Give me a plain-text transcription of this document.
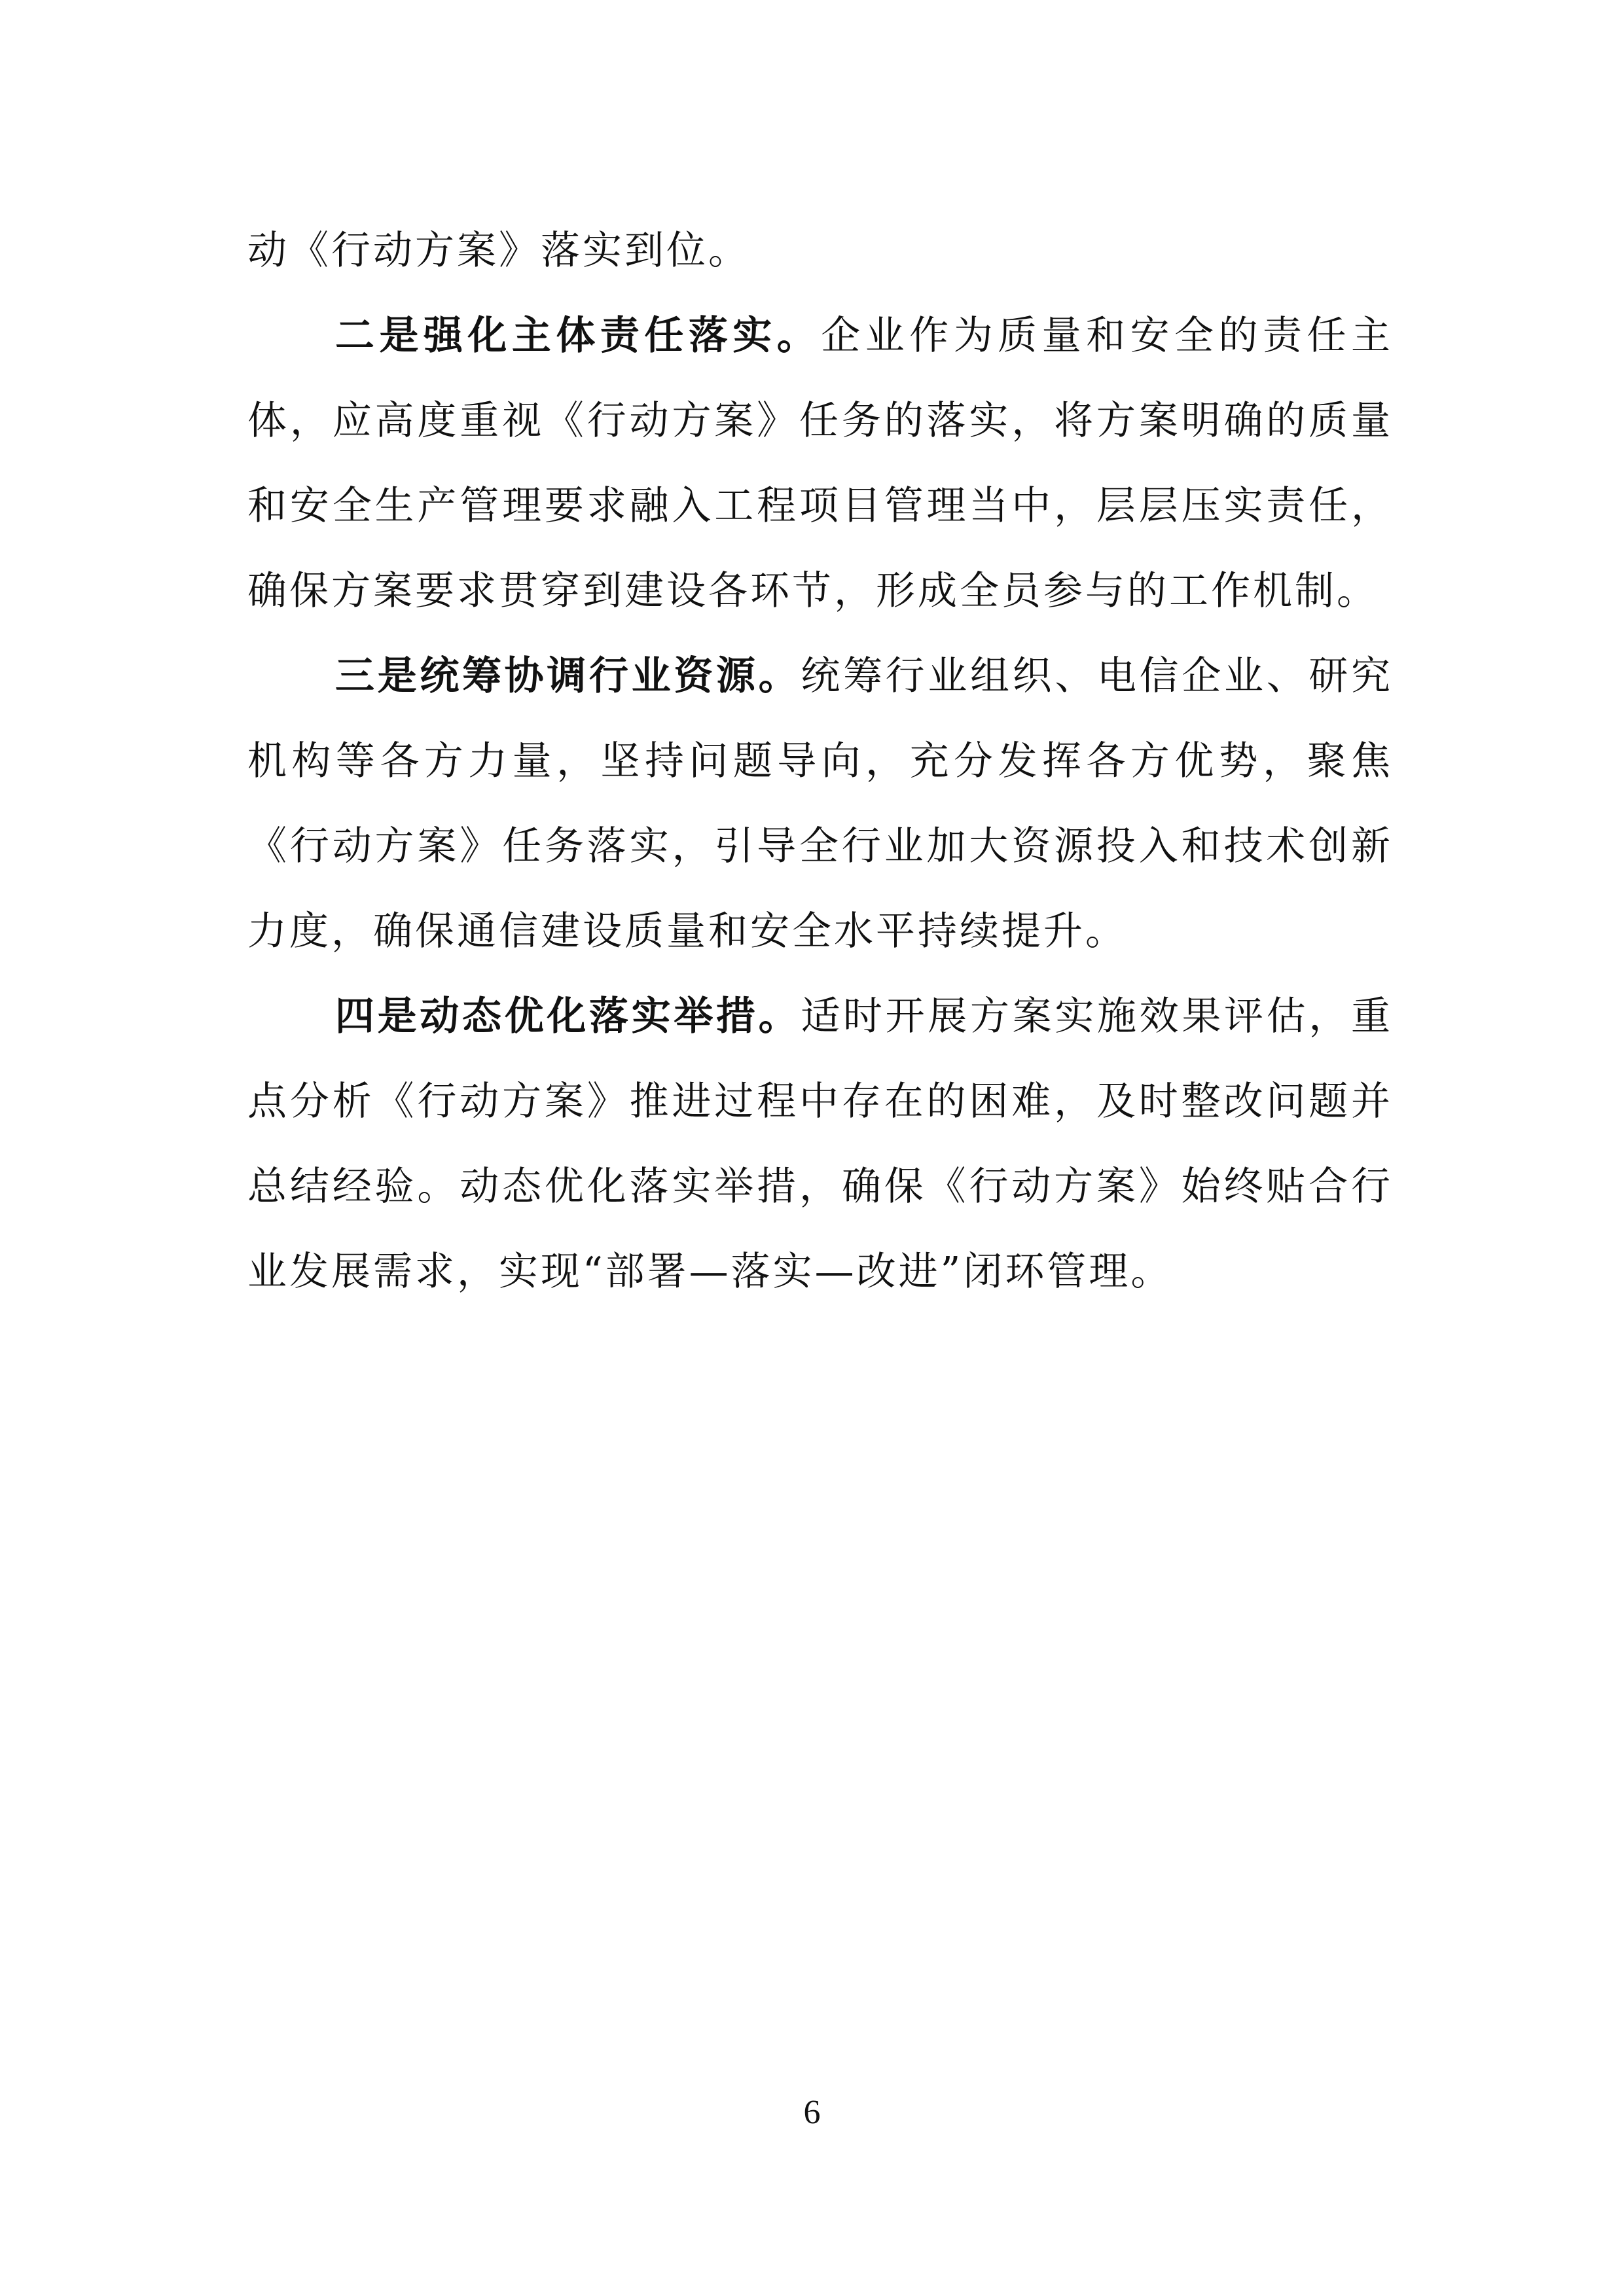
动《行动方案》落实到位。

二是强化主体责任落实。企业作为质量和安全的责任主体，应高度重视《行动方案》任务的落实，将方案明确的质量和安全生产管理要求融入工程项目管理当中，层层压实责任，确保方案要求贯穿到建设各环节，形成全员参与的工作机制。

三是统筹协调行业资源。统筹行业组织、电信企业、研究机构等各方力量，坚持问题导向，充分发挥各方优势，聚焦《行动方案》任务落实，引导全行业加大资源投入和技术创新力度，确保通信建设质量和安全水平持续提升。

四是动态优化落实举措。适时开展方案实施效果评估，重点分析《行动方案》推进过程中存在的困难，及时整改问题并总结经验。动态优化落实举措，确保《行动方案》始终贴合行业发展需求，实现“部署—落实—改进”闭环管理。

6
